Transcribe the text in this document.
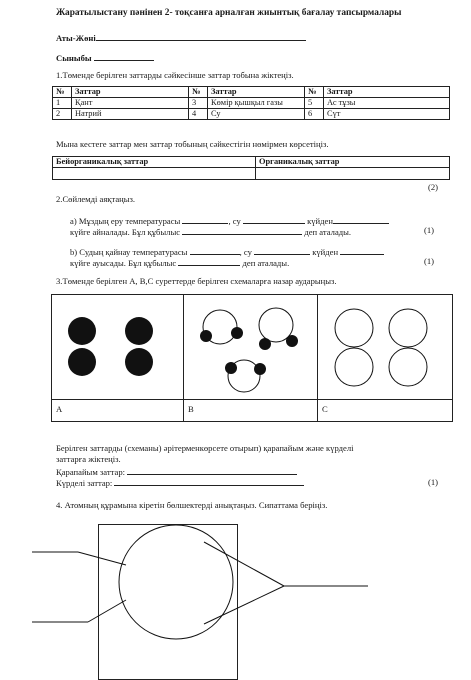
Жаратылыстану пәнінен 2- тоқсанға арналған жиынтық бағалау тапсырмалары
Аты-Жөні
Сыныбы
1.Төменде берілген заттарды сәйкесінше заттар тобына жіктеңіз.
№	Заттар	№	Заттар	№	Заттар
1	Қант	3	Көмір қышқыл газы	5	Ас тұзы
2	Натрий	4	Су	6	Сүт
Мына кестеге заттар мен заттар тобының сәйкестігін нөмірмен көрсетіңіз.
Бейорганикалық заттар	Органикалық заттар

(2)
2.Сөйлемді аяқтаңыз.
а) Мұздың еру температурасы	, су	күйден
күйге айналады. Бұл құбылыс	деп аталады.	(1)
b) Судың қайнау температурасы	, су	күйден
күйге ауысады. Бұл құбылыс	деп аталады.	(1)
3.Төменде берілген A, B,C суреттерде берілген схемаларға назар аударыңыз.
A	B	C
Берілген заттарды (схеманы) әрітерменкөрсете отырып) қарапайым және күрделі
заттарға жіктеңіз.
Қарапайым заттар:
Күрделі заттар:	(1)
4. Атомның құрамына кіретін бөлшектерді анықтаңыз. Сипаттама беріңіз.
